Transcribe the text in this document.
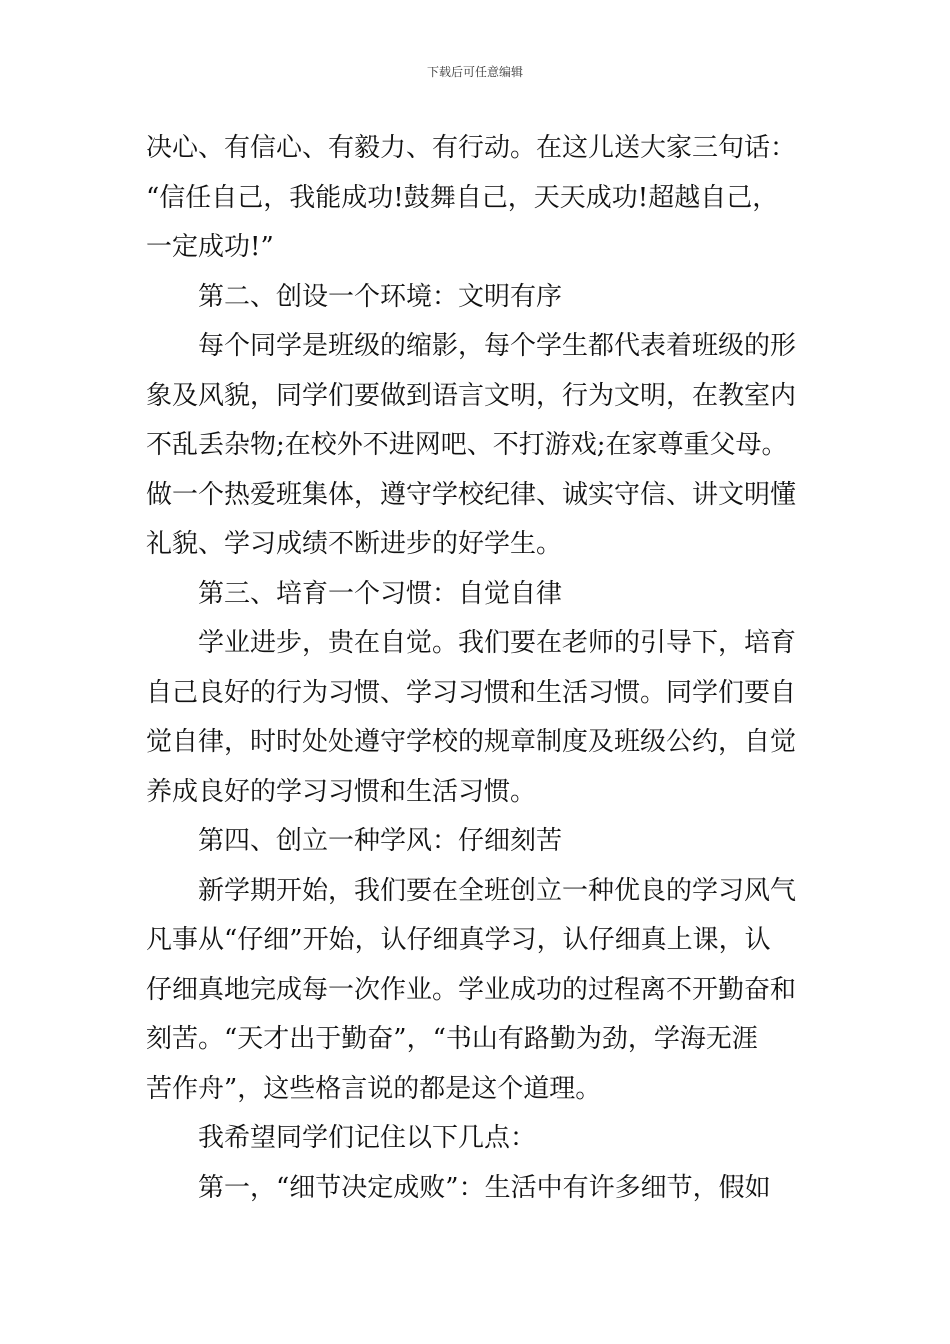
下载后可任意编辑
决心、有信心、有毅力、有行动。在这儿送大家三句话：
“信任自己，我能成功!鼓舞自己，天天成功!超越自己，
一定成功!”
第二、创设一个环境：文明有序
每个同学是班级的缩影，每个学生都代表着班级的形
象及风貌，同学们要做到语言文明，行为文明，在教室内
不乱丢杂物;在校外不进网吧、不打游戏;在家尊重父母。
做一个热爱班集体，遵守学校纪律、诚实守信、讲文明懂
礼貌、学习成绩不断进步的好学生。
第三、培育一个习惯：自觉自律
学业进步，贵在自觉。我们要在老师的引导下，培育
自己良好的行为习惯、学习习惯和生活习惯。同学们要自
觉自律，时时处处遵守学校的规章制度及班级公约，自觉
养成良好的学习习惯和生活习惯。
第四、创立一种学风：仔细刻苦
新学期开始，我们要在全班创立一种优良的学习风气
凡事从“仔细”开始，认仔细真学习，认仔细真上课，认
仔细真地完成每一次作业。学业成功的过程离不开勤奋和
刻苦。“天才出于勤奋”，“书山有路勤为劲，学海无涯
苦作舟”，这些格言说的都是这个道理。
我希望同学们记住以下几点：
第一，“细节决定成败”：生活中有许多细节，假如
